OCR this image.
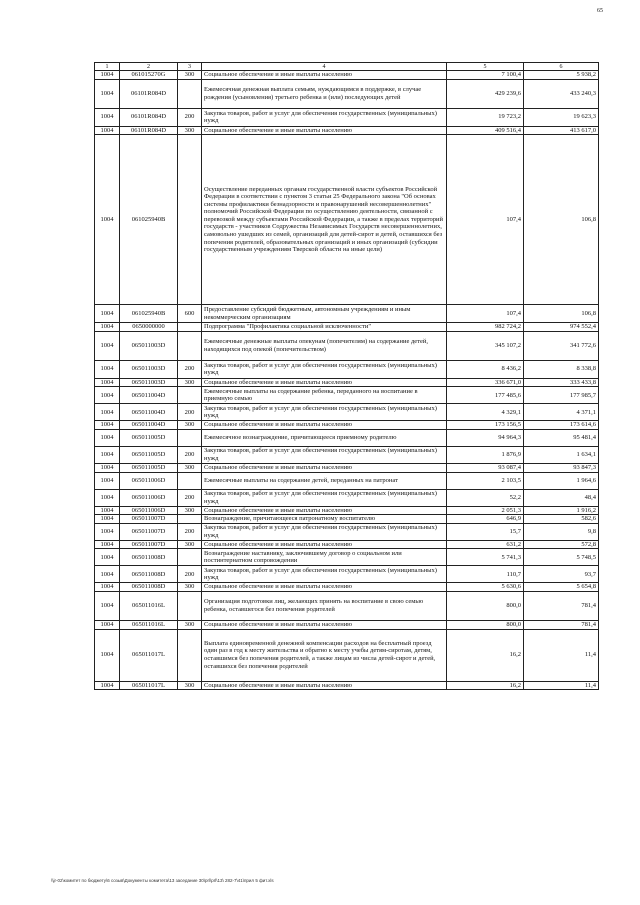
65
1	2	3	4	5	6
1004	061015270G	300	Социальное обеспечение и иные выплаты населению	7 100,4	5 938,2
1004	06101R084D		Ежемесячная денежная выплата семьям, нуждающимся в поддержке, в случае рождения (усыновления) третьего ребенка и (или) последующих детей	429 239,6	433 240,3
1004	06101R084D	200	Закупка товаров, работ и услуг для обеспечения государственных (муниципальных) нужд	19 723,2	19 623,3
1004	06101R084D	300	Социальное обеспечение и иные выплаты населению	409 516,4	413 617,0
1004	061025940В		Осуществление переданных органам государственной власти субъектов Российской Федерации в соответствии с пунктом 3 статьи 25 Федерального закона "Об основах системы профилактики безнадзорности и правонарушений несовершеннолетних" полномочий Российской Федерации по осуществлению деятельности, связанной с перевозкой между субъектами Российской Федерации, а также в пределах территорий государств - участников Содружества Независимых Государств несовершеннолетних, самовольно ушедших из семей, организаций для детей-сирот и детей, оставшихся без попечения родителей, образовательных организаций и иных организаций (субсидии государственным учреждениям Тверской области на иные цели)	107,4	106,8
1004	061025940В	600	Предоставление субсидий бюджетным, автономным учреждениям и иным некоммерческим организациям	107,4	106,8
1004	0650000000		Подпрограмма "Профилактика социальной исключенности"	982 724,2	974 552,4
1004	065011003D		Ежемесячные денежные выплаты опекунам (попечителям) на содержание детей, находящихся под опекой (попечительством)	345 107,2	341 772,6
1004	065011003D	200	Закупка товаров, работ и услуг для обеспечения государственных (муниципальных) нужд	8 436,2	8 338,8
1004	065011003D	300	Социальное обеспечение и иные выплаты населению	336 671,0	333 433,8
1004	065011004D		Ежемесячные выплаты на содержание ребенка, переданного на воспитание в приемную семью	177 485,6	177 985,7
1004	065011004D	200	Закупка товаров, работ и услуг для обеспечения государственных (муниципальных) нужд	4 329,1	4 371,1
1004	065011004D	300	Социальное обеспечение и иные выплаты населению	173 156,5	173 614,6
1004	065011005D		Ежемесячное вознаграждение, причитающееся приемному родителю	94 964,3	95 481,4
1004	065011005D	200	Закупка товаров, работ и услуг для обеспечения государственных (муниципальных) нужд	1 876,9	1 634,1
1004	065011005D	300	Социальное обеспечение и иные выплаты населению	93 087,4	93 847,3
1004	065011006D		Ежемесячные выплаты на содержание детей, переданных на патронат	2 103,5	1 964,6
1004	065011006D	200	Закупка товаров, работ и услуг для обеспечения государственных (муниципальных) нужд	52,2	48,4
1004	065011006D	300	Социальное обеспечение и иные выплаты населению	2 051,3	1 916,2
1004	065011007D		Вознаграждение, причитающееся патронатному воспитателю	646,9	582,6
1004	065011007D	200	Закупка товаров, работ и услуг для обеспечения государственных (муниципальных) нужд	15,7	9,8
1004	065011007D	300	Социальное обеспечение и иные выплаты населению	631,2	572,8
1004	065011008D		Вознаграждение наставнику, заключившему договор о социальном или постинтернатном сопровождении	5 741,3	5 748,5
1004	065011008D	200	Закупка товаров, работ и услуг для обеспечения государственных (муниципальных) нужд	110,7	93,7
1004	065011008D	300	Социальное обеспечение и иные выплаты населению	5 630,6	5 654,8
1004	065011016L		Организация подготовки лиц, желающих принять на воспитание в свою семью ребенка, оставшегося без попечения родителей	800,0	781,4
1004	065011016L	300	Социальное обеспечение и иные выплаты населению	800,0	781,4
1004	065011017L		Выплата единовременной денежной компенсации расходов на бесплатный проезд один раз в год к месту жительства и обратно к месту учебы детям-сиротам, детям, оставшимся без попечения родителей, а также лицам из числа детей-сирот и детей, оставшихся без попечения родителей	16,2	11,4
1004	065011017L	300	Социальное обеспечение и иные выплаты населению	16,2	11,4
\\jr-02\комитет по бюджету\6 созыв\Документы комитета\13 заседание 30\prl\prl\13\ 282-7\41\прил 5 фит.xls
